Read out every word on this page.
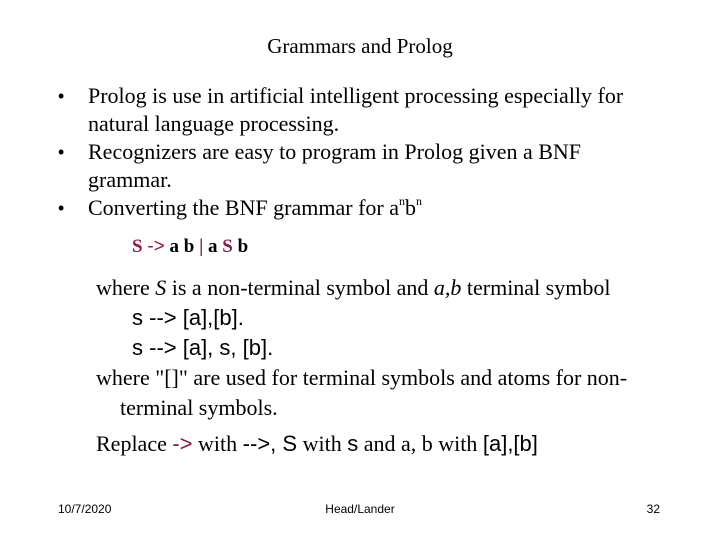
Grammars and Prolog
•	Prolog is use in artificial intelligent processing especially for
natural language processing.
•	Recognizers are easy to program in Prolog given a BNF
grammar.
•	Converting the BNF grammar for $a^nb^n$
S -> a b | a S b
where S is a non-terminal symbol and a,b terminal symbol
s --> [a],[b].
s --> [a], s, [b].
where "[]" are used for terminal symbols and atoms for non-
terminal symbols.
Replace -> with -->, S with s and a, b with [a],[b]
10/7/2020	Head/Lander	32
